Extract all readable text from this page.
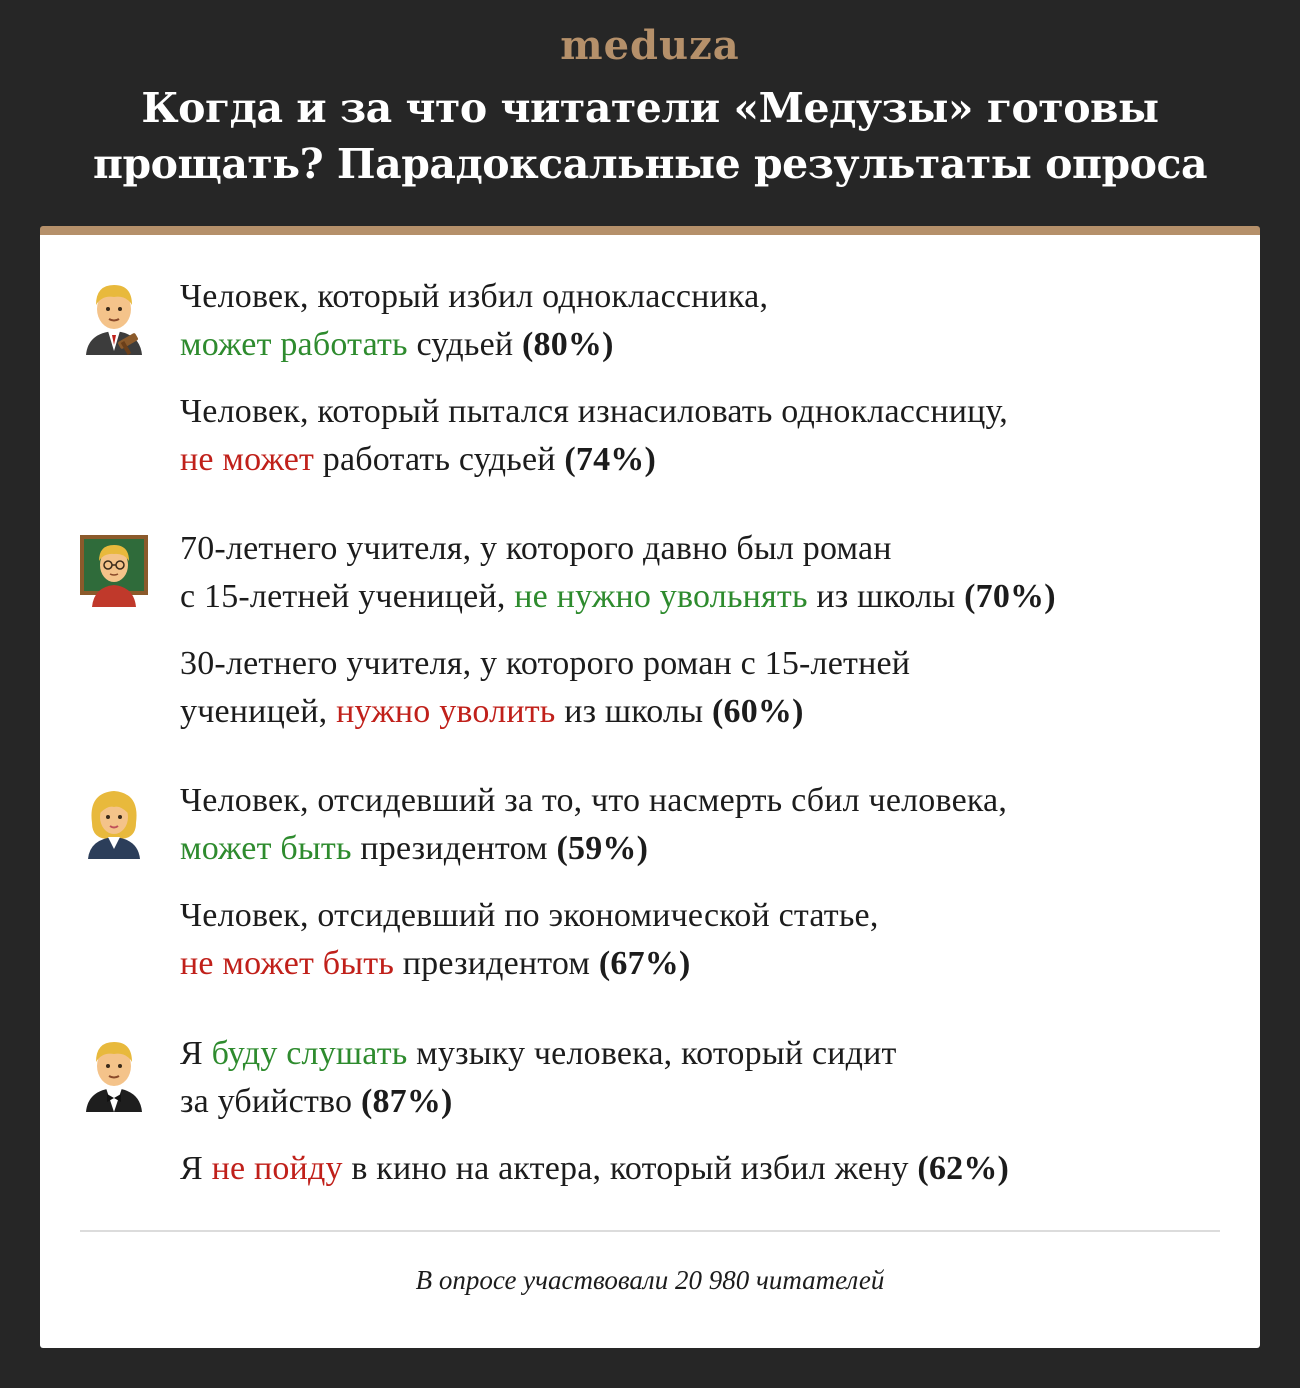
meduza
Когда и за что читатели «Медузы» готовы
прощать? Парадоксальные результаты опроса

Человек, который избил одноклассника,

может работать судьей (80%)

Человек, который пытался изнасиловать одноклассницу,

не может работать судьей (74%)

70-летнего учителя, у которого давно был роман

с 15-летней ученицей, не нужно увольнять из школы (70%)

30-летнего учителя, у которого роман с 15-летней

ученицей, нужно уволить из школы (60%)

Человек, отсидевший за то, что насмерть сбил человека,

может быть президентом (59%)

Человек, отсидевший по экономической статье,

не может быть президентом (67%)

Я буду слушать музыку человека, который сидит

за убийство (87%)

Я не пойду в кино на актера, который избил жену (62%)

В опросе участвовали 20 980 читателей
